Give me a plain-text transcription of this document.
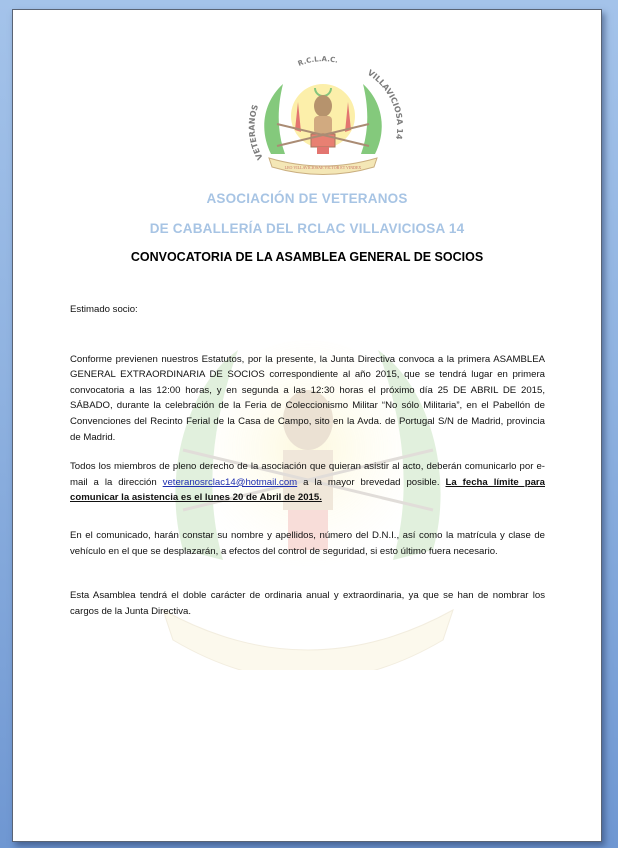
LEO VILLAVICIOSAE VICTOR ET VINDEX
VETERANOS
R.C.L.A.C.
VILLAVICIOSA 14
ASOCIACIÓN DE VETERANOS
DE CABALLERÍA DEL RCLAC VILLAVICIOSA 14
CONVOCATORIA DE LA ASAMBLEA GENERAL DE SOCIOS

Estimado socio:

Conforme previenen nuestros Estatutos, por la presente, la Junta Directiva convoca a la primera ASAMBLEA GENERAL EXTRAORDINARIA DE SOCIOS correspondiente al año 2015, que se tendrá lugar en primera convocatoria a las 12:00 horas, y en segunda a las 12:30 horas el próximo día 25 DE ABRIL DE 2015, SÁBADO, durante la celebración de la Feria de Coleccionismo Militar “No sólo Militaria”, en el Pabellón de Convenciones del Recinto Ferial de la Casa de Campo, sito en la Avda. de Portugal S/N de Madrid, provincia de Madrid.

Todos los miembros de pleno derecho de la asociación que quieran asistir al acto, deberán comunicarlo por e-mail a la dirección veteranosrclac14@hotmail.com a la mayor brevedad posible. La fecha límite para comunicar la asistencia es el lunes 20 de Abril de 2015.

En el comunicado, harán constar su nombre y apellidos, número del D.N.I., así como la matrícula y clase de vehículo en el que se desplazarán, a efectos del control de seguridad, si esto último fuera necesario.

Esta Asamblea tendrá el doble carácter de ordinaria anual y extraordinaria, ya que se han de nombrar los cargos de la Junta Directiva.
